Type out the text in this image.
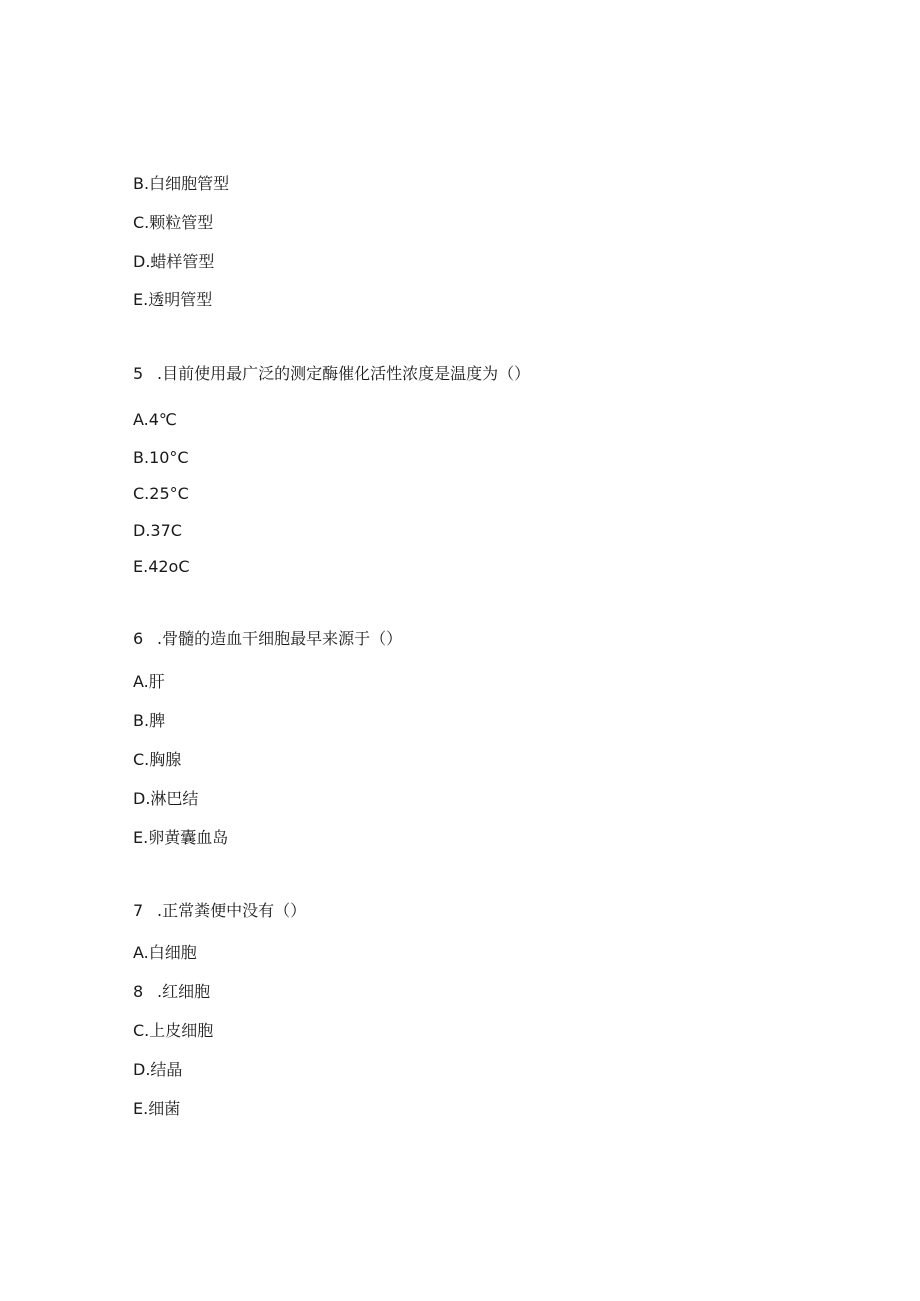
B.白细胞管型
C.颗粒管型
D.蜡样管型
E.透明管型
5 .目前使用最广泛的测定酶催化活性浓度是温度为（）
A.4℃
B.10°C
C.25°C
D.37C
E.42oC
6 .骨髓的造血干细胞最早来源于（）
A.肝
B.脾
C.胸腺
D.淋巴结
E.卵黄囊血岛
7 .正常粪便中没有（）
A.白细胞
8 .红细胞
C.上皮细胞
D.结晶
E.细菌
